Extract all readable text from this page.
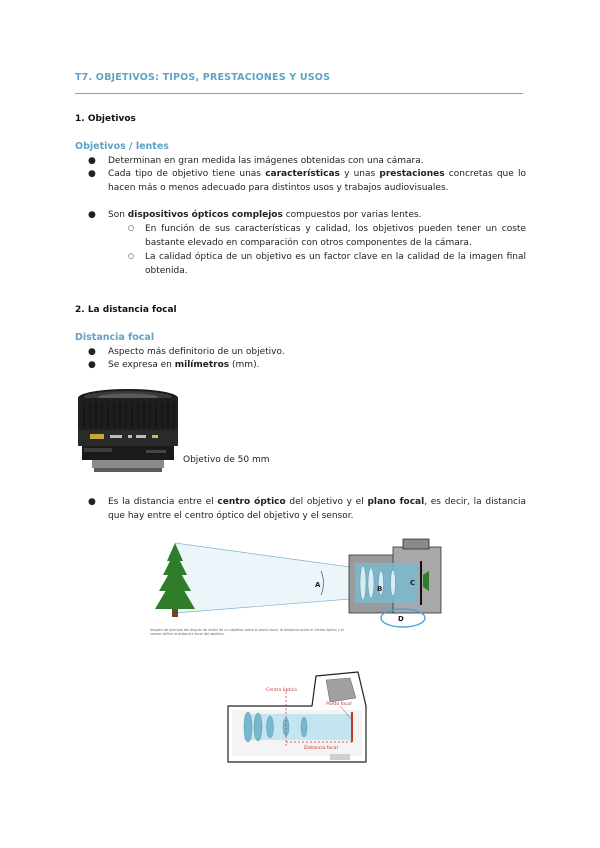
T7. OBJETIVOS: TIPOS, PRESTACIONES Y USOS
1. Objetivos
Objetivos / lentes
● Determinan en gran medida las imágenes obtenidas con una cámara.
● Cada tipo de objetivo tiene unas características y unas prestaciones concretas que lo hacen más o menos adecuado para distintos usos y trabajos audiovisuales.
● Son dispositivos ópticos complejos compuestos por varias lentes.
○ En función de sus características y calidad, los objetivos pueden tener un coste bastante elevado en comparación con otros componentes de la cámara.
○ La calidad óptica de un objetivo es un factor clave en la calidad de la imagen final obtenida.
2. La distancia focal
Distancia focal
● Aspecto más definitorio de un objetivo.
● Se expresa en milímetros (mm).
Objetivo de 50 mm
● Es la distancia entre el centro óptico del objetivo y el plano focal, es decir, la distancia que hay entre el centro óptico del objetivo y el sensor.
A	B
C
D
Imagen de ejemplo del ángulo de visión de un objetivo sobre el plano focal; la distancia entre el centro óptico y el sensor define la distancia focal del objetivo.
Centro óptico
Punto focal
Distancia focal
